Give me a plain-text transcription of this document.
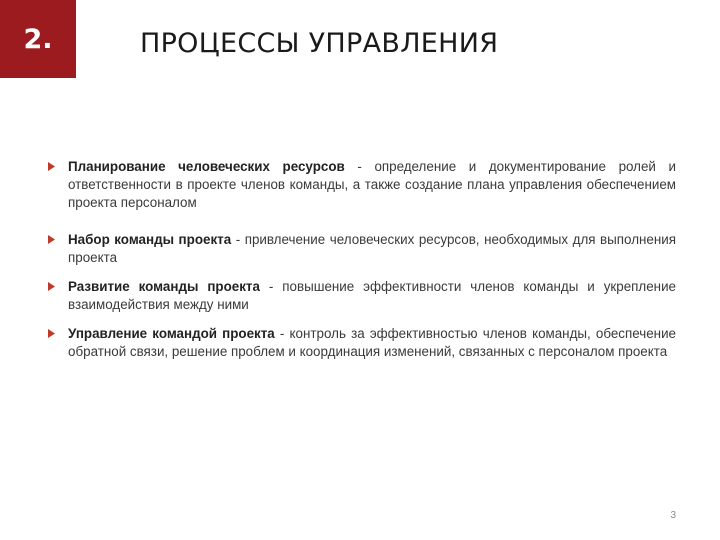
2.	ПРОЦЕССЫ УПРАВЛЕНИЯ
Планирование человеческих ресурсов - определение и документирование ролей и ответственности в проекте членов команды, а также создание плана управления обеспечением проекта персоналом
Набор команды проекта - привлечение человеческих ресурсов, необходимых для выполнения проекта
Развитие команды проекта - повышение эффективности членов команды и укрепление взаимодействия между ними
Управление командой проекта - контроль за эффективностью членов команды, обеспечение обратной связи, решение проблем и координация изменений, связанных с персоналом проекта
3
